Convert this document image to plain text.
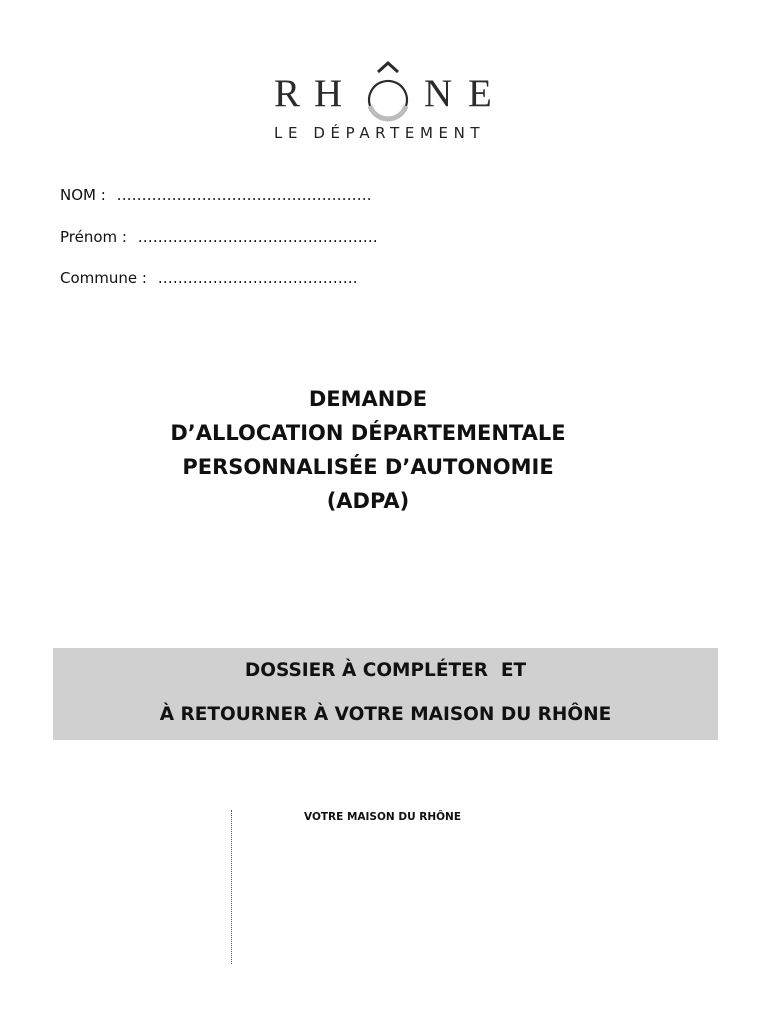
R H N E
LE DÉPARTEMENT
NOM : ……………………………………………
Prénom : …………………………………………
Commune : ………………………………….
DEMANDE
D’ALLOCATION DÉPARTEMENTALE
PERSONNALISÉE D’AUTONOMIE
(ADPA)
DOSSIER À COMPLÉTER  ET
À RETOURNER À VOTRE MAISON DU RHÔNE
VOTRE MAISON DU RHÔNE
